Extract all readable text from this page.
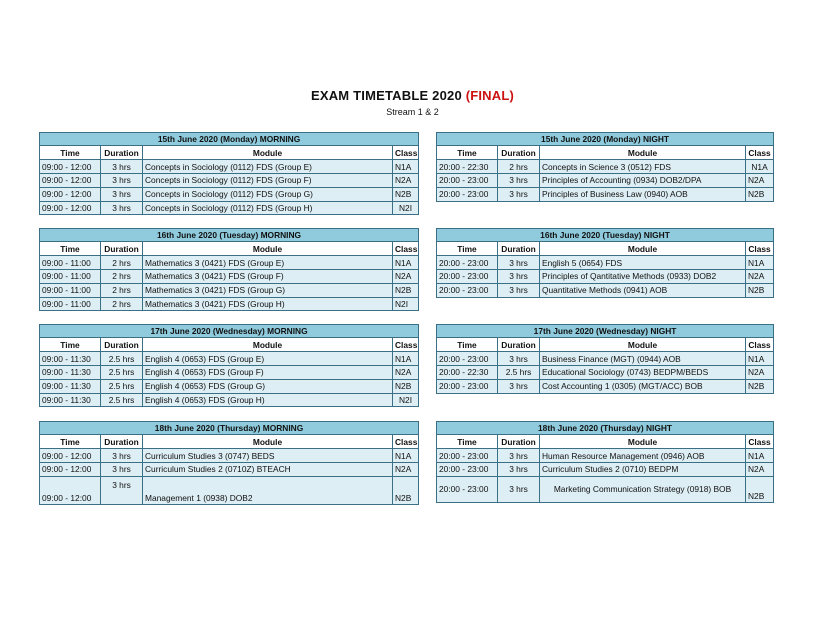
EXAM TIMETABLE 2020 (FINAL)
Stream 1 & 2
15th June 2020 (Monday) MORNING			
Time	Duration	Module	Class
09:00 - 12:00	3 hrs	Concepts in Sociology (0112) FDS (Group E)	N1A
09:00 - 12:00	3 hrs	Concepts in Sociology (0112) FDS (Group F)	N2A
09:00 - 12:00	3 hrs	Concepts in Sociology (0112) FDS (Group G)	N2B
09:00 - 12:00	3 hrs	Concepts in Sociology (0112) FDS (Group H)	N2I
15th June 2020 (Monday) NIGHT			
Time	Duration	Module	Class
20:00 - 22:30	2 hrs	Concepts in Science 3 (0512) FDS	N1A
20:00 - 23:00	3 hrs	Principles of Accounting (0934) DOB2/DPA	N2A
20:00 - 23:00	3 hrs	Principles of Business Law (0940) AOB	N2B

16th June 2020 (Tuesday) MORNING			
Time	Duration	Module	Class
09:00 - 11:00	2 hrs	Mathematics 3 (0421) FDS (Group E)	N1A
09:00 - 11:00	2 hrs	Mathematics 3 (0421) FDS (Group F)	N2A
09:00 - 11:00	2 hrs	Mathematics 3 (0421) FDS (Group G)	N2B
09:00 - 11:00	2 hrs	Mathematics 3 (0421) FDS (Group H)	N2I
16th June 2020 (Tuesday) NIGHT			
Time	Duration	Module	Class
20:00 - 23:00	3 hrs	English 5 (0654) FDS	N1A
20:00 - 23:00	3 hrs	Principles of Qantitative Methods (0933) DOB2	N2A
20:00 - 23:00	3 hrs	Quantitative Methods (0941) AOB	N2B

17th June 2020 (Wednesday) MORNING			
Time	Duration	Module	Class
09:00 - 11:30	2.5 hrs	English 4 (0653) FDS (Group E)	N1A
09:00 - 11:30	2.5 hrs	English 4 (0653) FDS (Group F)	N2A
09:00 - 11:30	2.5 hrs	English 4 (0653) FDS (Group G)	N2B
09:00 - 11:30	2.5 hrs	English 4 (0653) FDS (Group H)	N2I
17th June 2020 (Wednesday) NIGHT			
Time	Duration	Module	Class
20:00 - 23:00	3 hrs	Business Finance (MGT) (0944) AOB	N1A
20:00 - 22:30	2.5 hrs	Educational Sociology (0743) BEDPM/BEDS	N2A
20:00 - 23:00	3 hrs	Cost Accounting 1 (0305) (MGT/ACC) BOB	N2B

18th June 2020 (Thursday) MORNING			
Time	Duration	Module	Class
09:00 - 12:00	3 hrs	Curriculum Studies 3 (0747) BEDS	N1A
09:00 - 12:00	3 hrs	Curriculum Studies 2 (0710Z) BTEACH	N2A
09:00 - 12:00	3 hrs	Management 1 (0938) DOB2	N2B
18th June 2020 (Thursday) NIGHT			
Time	Duration	Module	Class
20:00 - 23:00	3 hrs	Human Resource Management (0946) AOB	N1A
20:00 - 23:00	3 hrs	Curriculum Studies 2 (0710) BEDPM	N2A
20:00 - 23:00	3 hrs	Marketing Communication Strategy (0918) BOB	N2B
